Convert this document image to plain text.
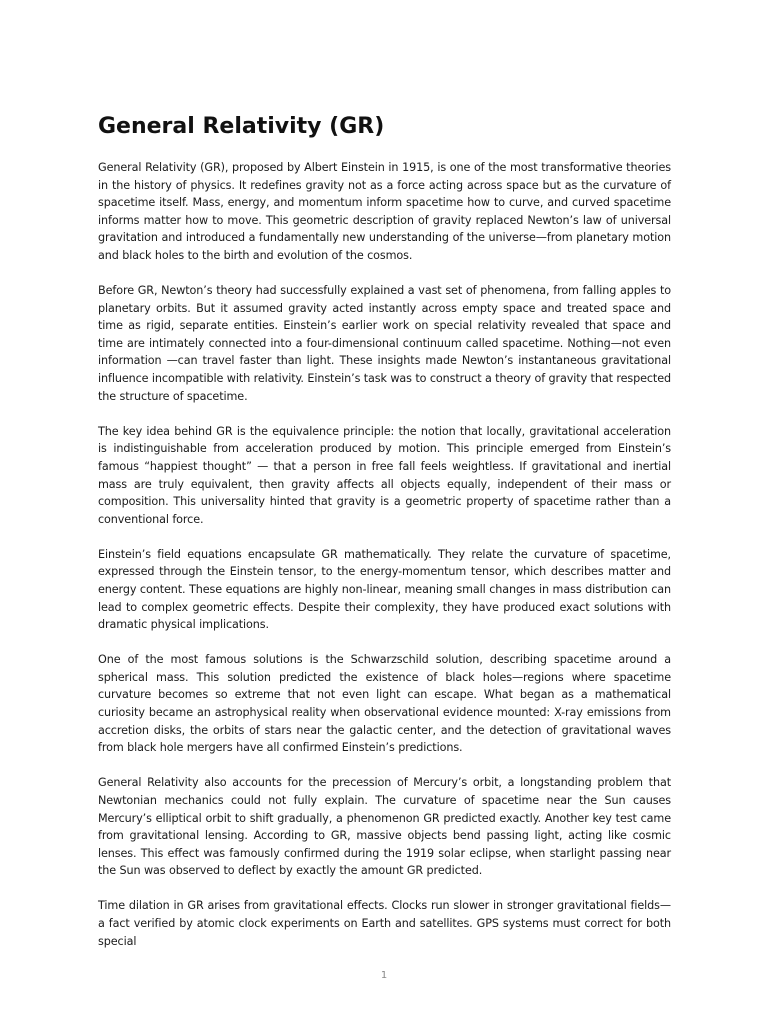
General Relativity (GR)

General Relativity (GR), proposed by Albert Einstein in 1915, is one of the most transformative theories in the history of physics. It redefines gravity not as a force acting across space but as the curvature of spacetime itself. Mass, energy, and momentum inform spacetime how to curve, and curved spacetime informs matter how to move. This geometric description of gravity replaced Newton’s law of universal gravitation and introduced a fundamentally new understanding of the universe—from planetary motion and black holes to the birth and evolution of the cosmos.

Before GR, Newton’s theory had successfully explained a vast set of phenomena, from falling apples to planetary orbits. But it assumed gravity acted instantly across empty space and treated space and time as rigid, separate entities. Einstein’s earlier work on special relativity revealed that space and time are intimately connected into a four-dimensional continuum called spacetime. Nothing—not even information —can travel faster than light. These insights made Newton’s instantaneous gravitational influence incompatible with relativity. Einstein’s task was to construct a theory of gravity that respected the structure of spacetime.

The key idea behind GR is the equivalence principle: the notion that locally, gravitational acceleration is indistinguishable from acceleration produced by motion. This principle emerged from Einstein’s famous “happiest thought” — that a person in free fall feels weightless. If gravitational and inertial mass are truly equivalent, then gravity affects all objects equally, independent of their mass or composition. This universality hinted that gravity is a geometric property of spacetime rather than a conventional force.

Einstein’s field equations encapsulate GR mathematically. They relate the curvature of spacetime, expressed through the Einstein tensor, to the energy-momentum tensor, which describes matter and energy content. These equations are highly non-linear, meaning small changes in mass distribution can lead to complex geometric effects. Despite their complexity, they have produced exact solutions with dramatic physical implications.

One of the most famous solutions is the Schwarzschild solution, describing spacetime around a spherical mass. This solution predicted the existence of black holes—regions where spacetime curvature becomes so extreme that not even light can escape. What began as a mathematical curiosity became an astrophysical reality when observational evidence mounted: X-ray emissions from accretion disks, the orbits of stars near the galactic center, and the detection of gravitational waves from black hole mergers have all confirmed Einstein’s predictions.

General Relativity also accounts for the precession of Mercury’s orbit, a longstanding problem that Newtonian mechanics could not fully explain. The curvature of spacetime near the Sun causes Mercury’s elliptical orbit to shift gradually, a phenomenon GR predicted exactly. Another key test came from gravitational lensing. According to GR, massive objects bend passing light, acting like cosmic lenses. This effect was famously confirmed during the 1919 solar eclipse, when starlight passing near the Sun was observed to deflect by exactly the amount GR predicted.

Time dilation in GR arises from gravitational effects. Clocks run slower in stronger gravitational fields—a fact verified by atomic clock experiments on Earth and satellites. GPS systems must correct for both special

1
